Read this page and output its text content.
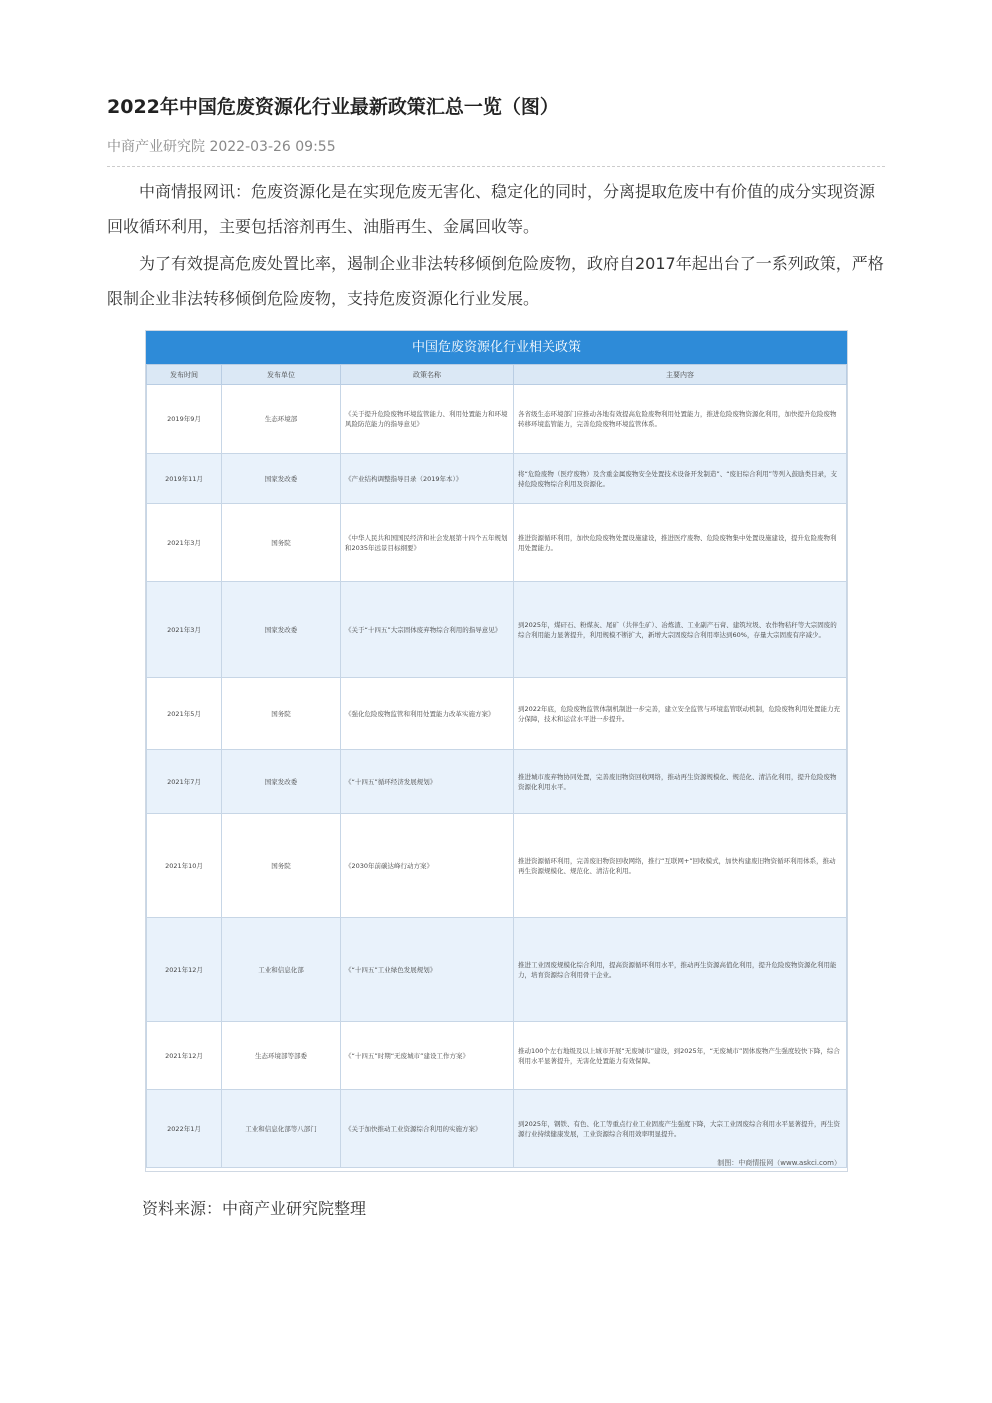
2022年中国危废资源化行业最新政策汇总一览（图）
中商产业研究院 2022-03-26 09:55

中商情报网讯：危废资源化是在实现危废无害化、稳定化的同时，分离提取危废中有价值的成分实现资源回收循环利用，主要包括溶剂再生、油脂再生、金属回收等。

为了有效提高危废处置比率，遏制企业非法转移倾倒危险废物，政府自2017年起出台了一系列政策，严格限制企业非法转移倾倒危险废物，支持危废资源化行业发展。

中国危废资源化行业相关政策
发布时间	发布单位	政策名称	主要内容
2019年9月	生态环境部	《关于提升危险废物环境监管能力、利用处置能力和环境风险防范能力的指导意见》	各省级生态环境部门应推动各地有效提高危险废物利用处置能力，推进危险废物资源化利用，加快提升危险废物转移环境监管能力，完善危险废物环境监管体系。
2019年11月	国家发改委	《产业结构调整指导目录（2019年本）》	将“危险废物（医疗废物）及含重金属废物安全处置技术设备开发制造”、“废旧综合利用”等列入鼓励类目录，支持危险废物综合利用及资源化。
2021年3月	国务院	《中华人民共和国国民经济和社会发展第十四个五年规划和2035年远景目标纲要》	推进资源循环利用，加快危险废物处置设施建设，推进医疗废物、危险废物集中处置设施建设，提升危险废物利用处置能力。
2021年3月	国家发改委	《关于“十四五”大宗固体废弃物综合利用的指导意见》	到2025年，煤矸石、粉煤灰、尾矿（共伴生矿）、冶炼渣、工业副产石膏、建筑垃圾、农作物秸秆等大宗固废的综合利用能力显著提升，利用规模不断扩大，新增大宗固废综合利用率达到60%，存量大宗固废有序减少。
2021年5月	国务院	《强化危险废物监管和利用处置能力改革实施方案》	到2022年底，危险废物监管体制机制进一步完善，建立安全监管与环境监管联动机制，危险废物利用处置能力充分保障，技术和运营水平进一步提升。
2021年7月	国家发改委	《“十四五”循环经济发展规划》	推进城市废弃物协同处置，完善废旧物资回收网络，推动再生资源规模化、规范化、清洁化利用，提升危险废物资源化利用水平。
2021年10月	国务院	《2030年前碳达峰行动方案》	推进资源循环利用，完善废旧物资回收网络，推行“互联网+”回收模式，加快构建废旧物资循环利用体系，推动再生资源规模化、规范化、清洁化利用。
2021年12月	工业和信息化部	《“十四五”工业绿色发展规划》	推进工业固废规模化综合利用，提高资源循环利用水平，推动再生资源高值化利用，提升危险废物资源化利用能力，培育资源综合利用骨干企业。
2021年12月	生态环境部等部委	《“十四五”时期“无废城市”建设工作方案》	推动100个左右地级及以上城市开展“无废城市”建设，到2025年，“无废城市”固体废物产生强度较快下降，综合利用水平显著提升，无害化处置能力有效保障。
2022年1月	工业和信息化部等八部门	《关于加快推动工业资源综合利用的实施方案》	到2025年，钢铁、有色、化工等重点行业工业固废产生强度下降，大宗工业固废综合利用水平显著提升，再生资源行业持续健康发展，工业资源综合利用效率明显提升。
制图：中商情报网（www.askci.com）
资料来源：中商产业研究院整理
